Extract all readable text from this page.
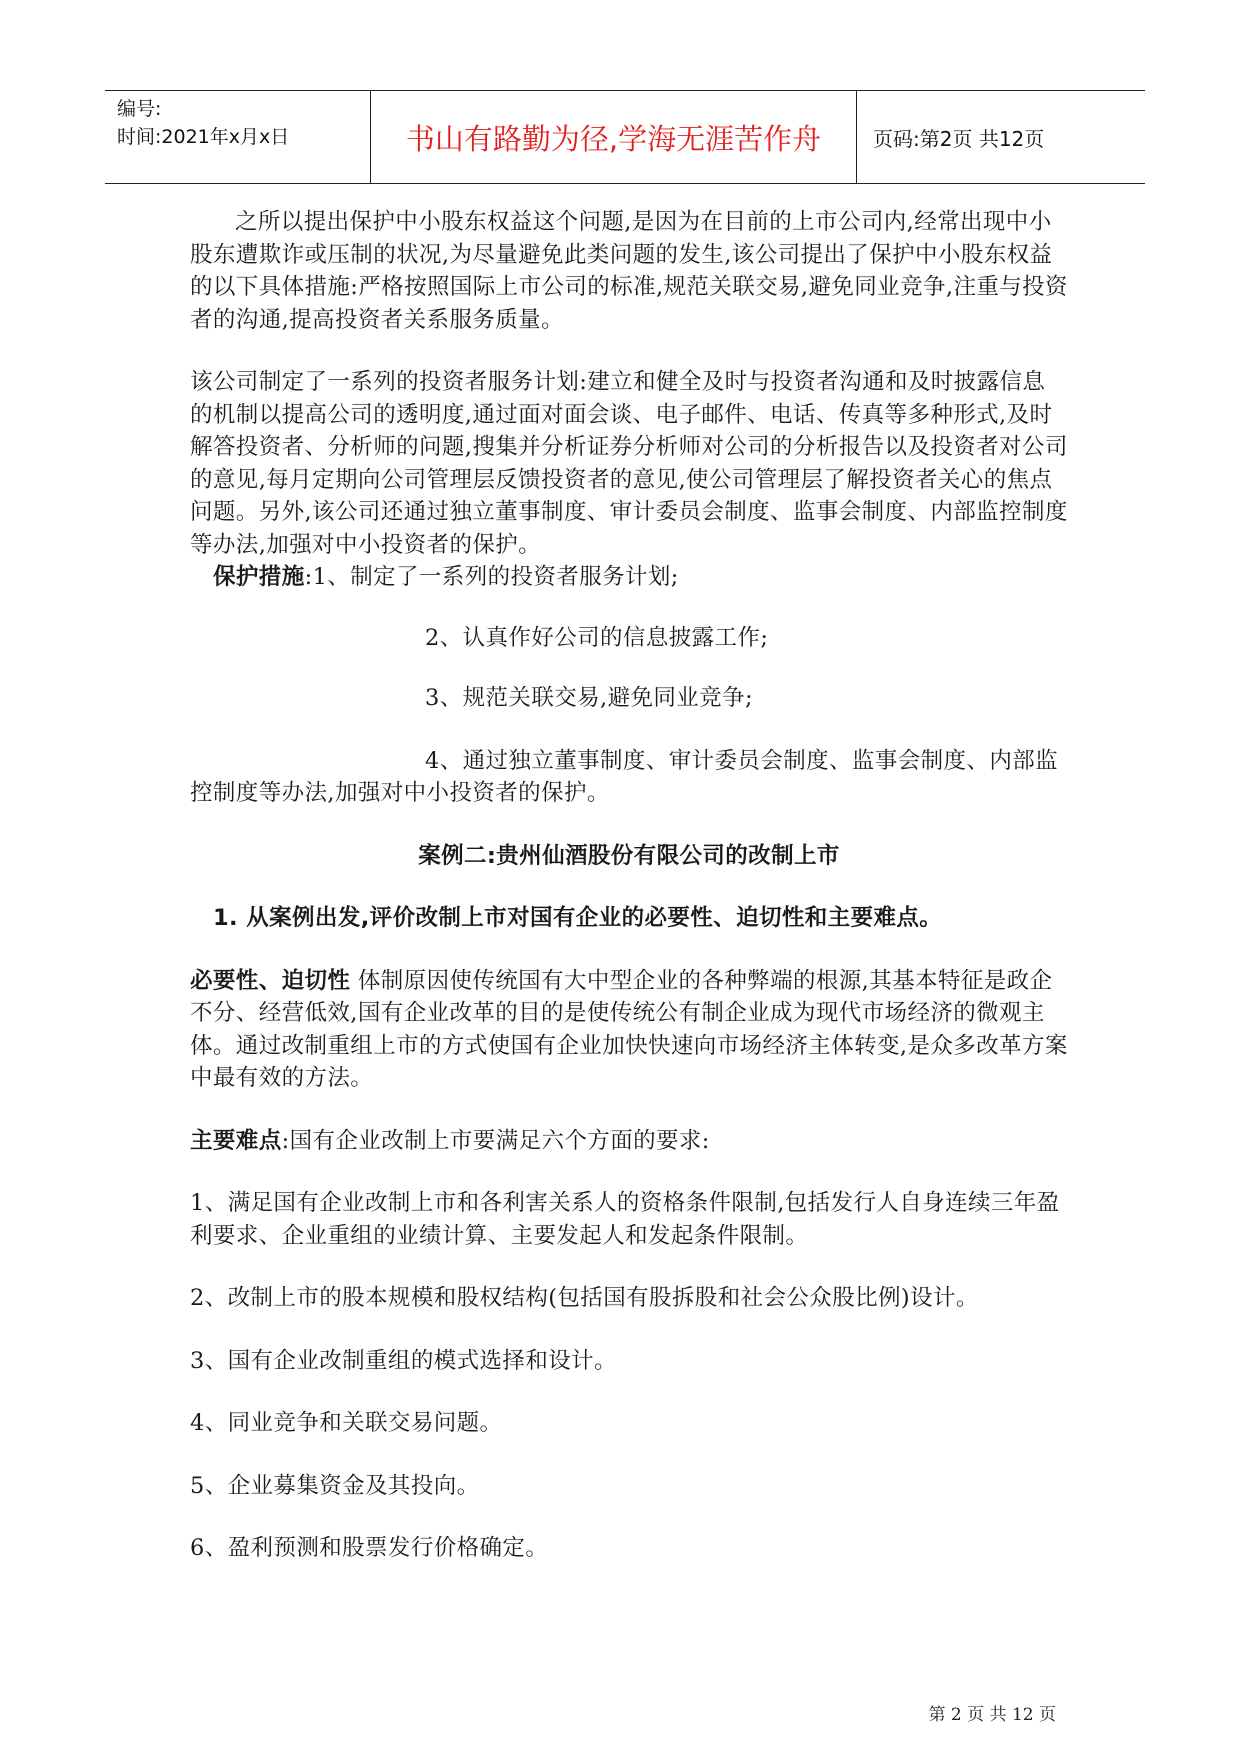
编号:
时间:2021年x月x日	书山有路勤为径,学海无涯苦作舟	页码:第2页 共12页

之所以提出保护中小股东权益这个问题,是因为在目前的上市公司内,经常出现中小股东遭欺诈或压制的状况,为尽量避免此类问题的发生,该公司提出了保护中小股东权益的以下具体措施:严格按照国际上市公司的标准,规范关联交易,避免同业竞争,注重与投资者的沟通,提高投资者关系服务质量。

该公司制定了一系列的投资者服务计划:建立和健全及时与投资者沟通和及时披露信息的机制以提高公司的透明度,通过面对面会谈、电子邮件、电话、传真等多种形式,及时解答投资者、分析师的问题,搜集并分析证券分析师对公司的分析报告以及投资者对公司的意见,每月定期向公司管理层反馈投资者的意见,使公司管理层了解投资者关心的焦点问题。另外,该公司还通过独立董事制度、审计委员会制度、监事会制度、内部监控制度等办法,加强对中小投资者的保护。

保护措施:1、制定了一系列的投资者服务计划;

2、认真作好公司的信息披露工作;

3、规范关联交易,避免同业竞争;

4、通过独立董事制度、审计委员会制度、监事会制度、内部监控制度等办法,加强对中小投资者的保护。

案例二:贵州仙酒股份有限公司的改制上市

1. 从案例出发,评价改制上市对国有企业的必要性、迫切性和主要难点。

必要性、迫切性 体制原因使传统国有大中型企业的各种弊端的根源,其基本特征是政企不分、经营低效,国有企业改革的目的是使传统公有制企业成为现代市场经济的微观主体。通过改制重组上市的方式使国有企业加快快速向市场经济主体转变,是众多改革方案中最有效的方法。

主要难点:国有企业改制上市要满足六个方面的要求:

1、满足国有企业改制上市和各利害关系人的资格条件限制,包括发行人自身连续三年盈利要求、企业重组的业绩计算、主要发起人和发起条件限制。

2、改制上市的股本规模和股权结构(包括国有股拆股和社会公众股比例)设计。

3、国有企业改制重组的模式选择和设计。

4、同业竞争和关联交易问题。

5、企业募集资金及其投向。

6、盈利预测和股票发行价格确定。

第 2 页 共 12 页
